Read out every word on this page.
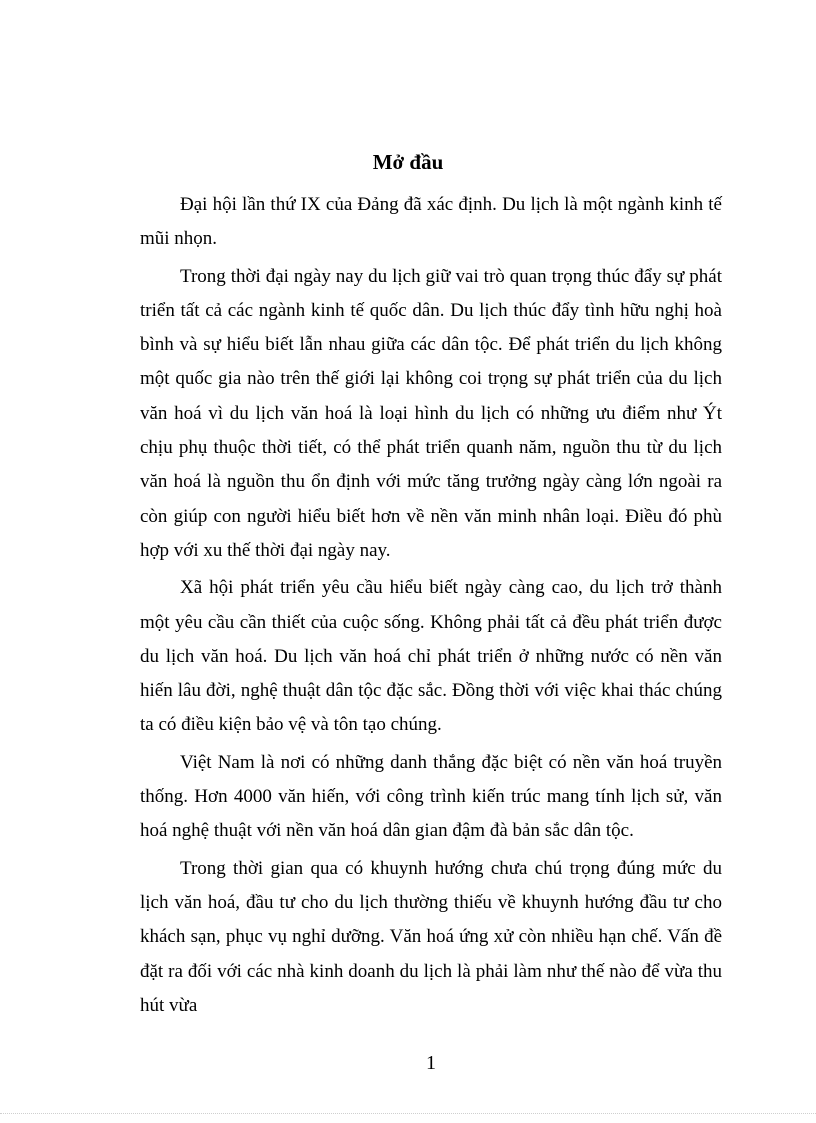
Mở đầu

Đại hội lần thứ IX của Đảng đã xác định. Du lịch là một ngành kinh tế mũi nhọn.

Trong thời đại ngày nay du lịch giữ vai trò quan trọng thúc đẩy sự phát triển tất cả các ngành kinh tế quốc dân. Du lịch thúc đẩy tình hữu nghị hoà bình và sự hiểu biết lẫn nhau giữa các dân tộc. Để phát triển du lịch không một quốc gia nào trên thế giới lại không coi trọng sự phát triển của du lịch văn hoá vì du lịch văn hoá là loại hình du lịch có những ưu điểm như Ýt chịu phụ thuộc thời tiết, có thể phát triển quanh năm, nguồn thu từ du lịch văn hoá là nguồn thu ổn định với mức tăng trưởng ngày càng lớn ngoài ra còn giúp con người hiểu biết hơn về nền văn minh nhân loại. Điều đó phù hợp với xu thế thời đại ngày nay.

Xã hội phát triển yêu cầu hiểu biết ngày càng cao, du lịch trở thành một yêu cầu cần thiết của cuộc sống. Không phải tất cả đều phát triển được du lịch văn hoá. Du lịch văn hoá chỉ phát triển ở những nước có nền văn hiến lâu đời, nghệ thuật dân tộc đặc sắc. Đồng thời với việc khai thác chúng ta có điều kiện bảo vệ và tôn tạo chúng.

Việt Nam là nơi có những danh thắng đặc biệt có nền văn hoá truyền thống. Hơn 4000 văn hiến, với công trình kiến trúc mang tính lịch sử, văn hoá nghệ thuật với nền văn hoá dân gian đậm đà bản sắc dân tộc.

Trong thời gian qua có khuynh hướng chưa chú trọng đúng mức du lịch văn hoá, đầu tư cho du lịch thường thiếu về khuynh hướng đầu tư cho khách sạn, phục vụ nghỉ dưỡng. Văn hoá ứng xử còn nhiều hạn chế. Vấn đề đặt ra đối với các nhà kinh doanh du lịch là phải làm như thế nào để vừa thu hút vừa

1
